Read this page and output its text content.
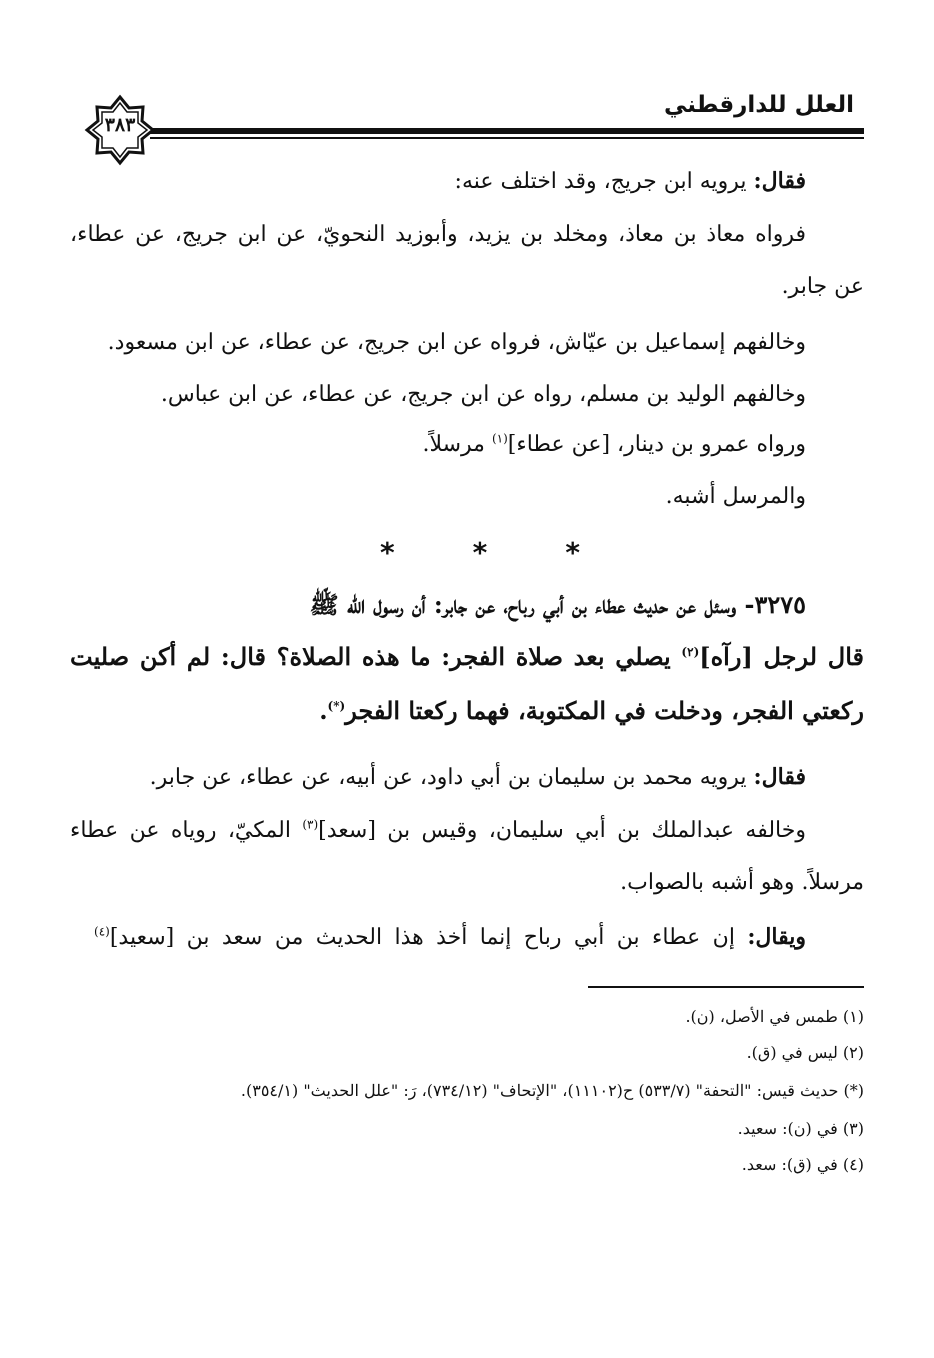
العلل للدارقطني
٣٨٣
فقال: يرويه ابن جريج، وقد اختلف عنه:
فرواه معاذ بن معاذ، ومخلد بن يزيد، وأبوزيد النحويّ، عن ابن جريج، عن عطاء،
عن جابر.
وخالفهم إسماعيل بن عيّاش، فرواه عن ابن جريج، عن عطاء، عن ابن مسعود.
وخالفهم الوليد بن مسلم، رواه عن ابن جريج، عن عطاء، عن ابن عباس.
ورواه عمرو بن دينار، [عن عطاء]$^{(١)}$ مرسلاً.
والمرسل أشبه.
*
*
*
٣٢٧٥- وسئل عن حديث عطاء بن أبي رباح، عن جابر: أن رسول الله ﷺ
قال لرجل [رآه]$^{(٢)}$ يصلي بعد صلاة الفجر: ما هذه الصلاة؟ قال: لم أكن صليت
ركعتي الفجر، ودخلت في المكتوبة، فهما ركعتا الفجر(*).
فقال: يرويه محمد بن سليمان بن أبي داود، عن أبيه، عن عطاء، عن جابر.
وخالفه عبدالملك بن أبي سليمان، وقيس بن [سعد]$^{(٣)}$ المكيّ، روياه عن عطاء
مرسلاً. وهو أشبه بالصواب.
ويقال: إن عطاء بن أبي رباح إنما أخذ هذا الحديث من سعد بن [سعيد]$^{(٤)}$
(١) طمس في الأصل، (ن).
(٢) ليس في (ق).
(*) حديث قيس: "التحفة" (٥٣٣/٧) ح(١١١٠٢)، "الإتحاف" (٧٣٤/١٢)، رَ: "علل الحديث" (٣٥٤/١).
(٣) في (ن): سعيد.
(٤) في (ق): سعد.
